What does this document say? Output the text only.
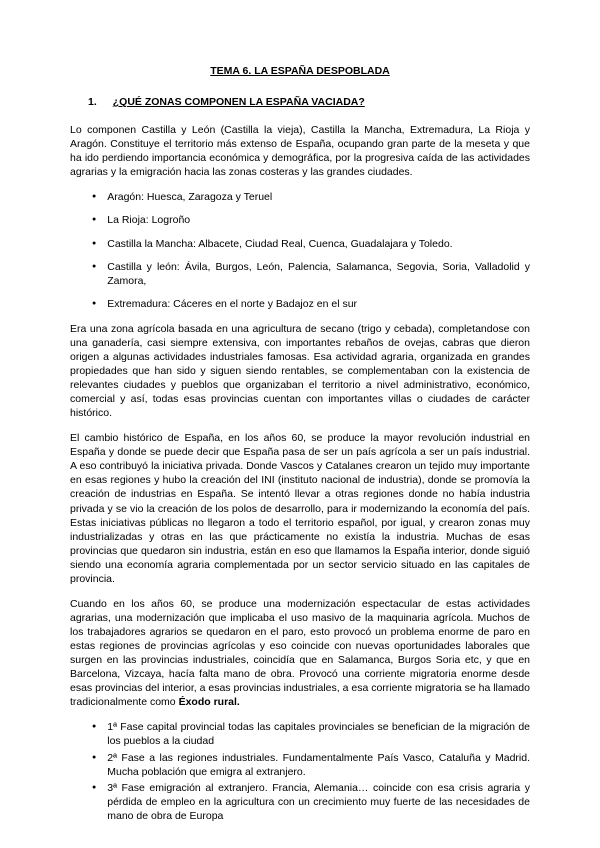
TEMA 6. LA ESPAÑA DESPOBLADA
1. ¿QUÉ ZONAS COMPONEN LA ESPAÑA VACIADA?

Lo componen Castilla y León (Castilla la vieja), Castilla la Mancha, Extremadura, La Rioja y Aragón. Constituye el territorio más extenso de España, ocupando gran parte de la meseta y que ha ido perdiendo importancia económica y demográfica, por la progresiva caída de las actividades agrarias y la emigración hacia las zonas costeras y las grandes ciudades.

● Aragón: Huesca, Zaragoza y Teruel
● La Rioja: Logroño
● Castilla la Mancha: Albacete, Ciudad Real, Cuenca, Guadalajara y Toledo.
● Castilla y león: Ávila, Burgos, León, Palencia, Salamanca, Segovia, Soria, Valladolid y Zamora,
● Extremadura: Cáceres en el norte y Badajoz en el sur

Era una zona agrícola basada en una agricultura de secano (trigo y cebada), completandose con una ganadería, casi siempre extensiva, con importantes rebaños de ovejas, cabras que dieron origen a algunas actividades industriales famosas. Esa actividad agraria, organizada en grandes propiedades que han sido y siguen siendo rentables, se complementaban con la existencia de relevantes ciudades y pueblos que organizaban el territorio a nivel administrativo, económico, comercial y así, todas esas provincias cuentan con importantes villas o ciudades de carácter histórico.

El cambio histórico de España, en los años 60, se produce la mayor revolución industrial en España y donde se puede decir que España pasa de ser un país agrícola a ser un país industrial. A eso contribuyó la iniciativa privada. Donde Vascos y Catalanes crearon un tejido muy importante en esas regiones y hubo la creación del INI (instituto nacional de industria), donde se promovía la creación de industrias en España. Se intentó llevar a otras regiones donde no había industria privada y se vio la creación de los polos de desarrollo, para ir modernizando la economía del país. Estas iniciativas públicas no llegaron a todo el territorio español, por igual, y crearon zonas muy industrializadas y otras en las que prácticamente no existía la industria. Muchas de esas provincias que quedaron sin industria, están en eso que llamamos la España interior, donde siguió siendo una economía agraria complementada por un sector servicio situado en las capitales de provincia.

Cuando en los años 60, se produce una modernización espectacular de estas actividades agrarias, una modernización que implicaba el uso masivo de la maquinaria agrícola. Muchos de los trabajadores agrarios se quedaron en el paro, esto provocó un problema enorme de paro en estas regiones de provincias agrícolas y eso coincide con nuevas oportunidades laborales que surgen en las provincias industriales, coincidía que en Salamanca, Burgos Soria etc, y que en Barcelona, Vizcaya, hacía falta mano de obra. Provocó una corriente migratoria enorme desde esas provincias del interior, a esas provincias industriales, a esa corriente migratoria se ha llamado tradicionalmente como Éxodo rural.

● 1ª Fase capital provincial todas las capitales provinciales se benefician de la migración de los pueblos a la ciudad
● 2ª Fase a las regiones industriales. Fundamentalmente País Vasco, Cataluña y Madrid. Mucha población que emigra al extranjero.
● 3ª Fase emigración al extranjero. Francia, Alemania… coincide con esa crisis agraria y pérdida de empleo en la agricultura con un crecimiento muy fuerte de las necesidades de mano de obra de Europa
